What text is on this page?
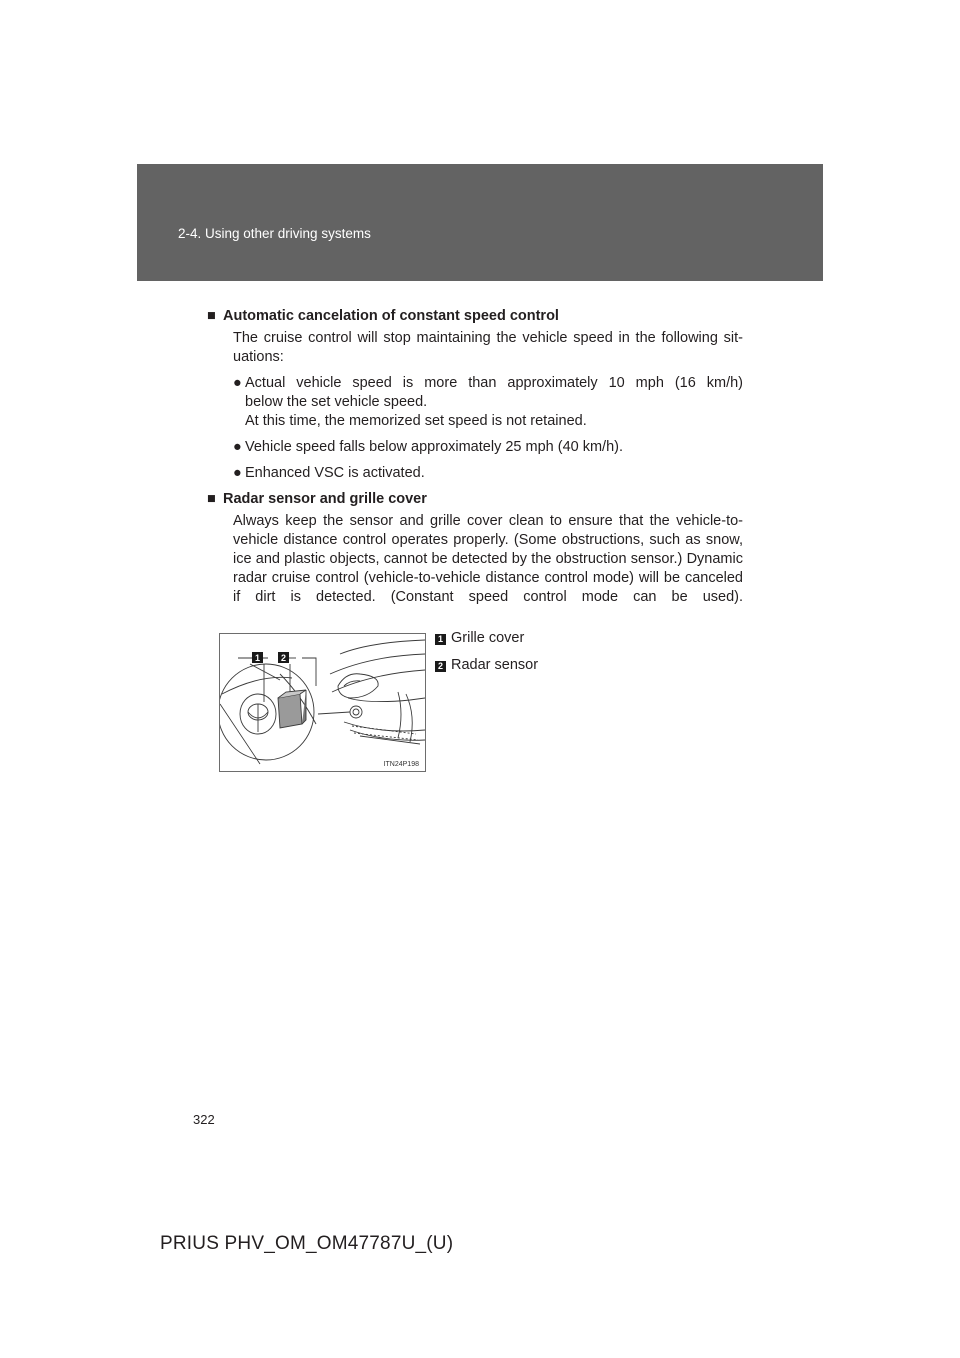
2-4. Using other driving systems
■ Automatic cancelation of constant speed control
The cruise control will stop maintaining the vehicle speed in the following sit-uations:
● Actual vehicle speed is more than approximately 10 mph (16 km/h)
below the set vehicle speed.
At this time, the memorized set speed is not retained.
● Vehicle speed falls below approximately 25 mph (40 km/h).
● Enhanced VSC is activated.
■ Radar sensor and grille cover
Always keep the sensor and grille cover clean to ensure that the vehicle-to-vehicle distance control operates properly. (Some obstructions, such as snow, ice and plastic objects, cannot be detected by the obstruction sensor.) Dynamic radar cruise control (vehicle-to-vehicle distance control mode) will be canceled if dirt is detected. (Constant speed control mode can be used).
1 2
ITN24P198
1 Grille cover
2 Radar sensor
322
PRIUS PHV_OM_OM47787U_(U)
